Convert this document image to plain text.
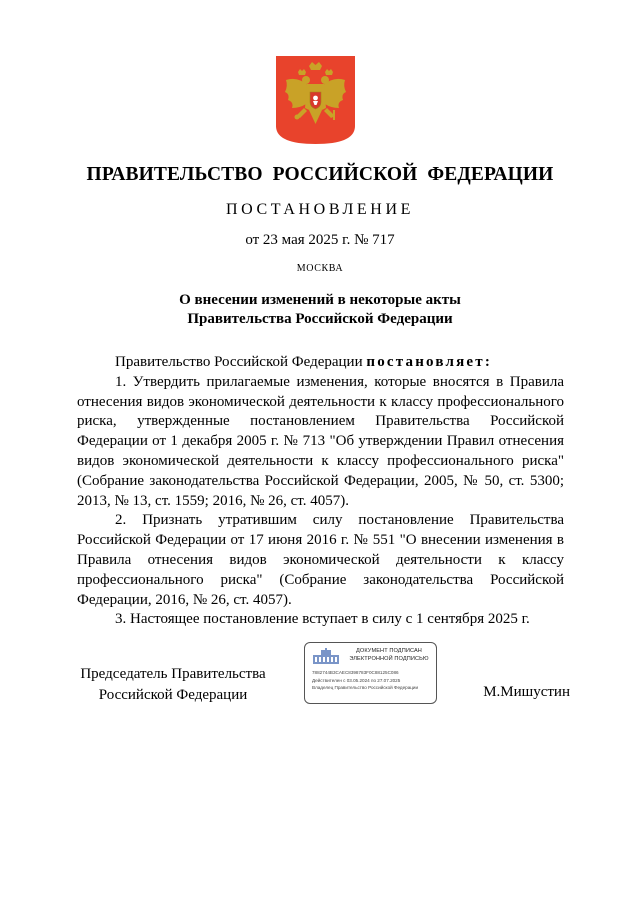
ПРАВИТЕЛЬСТВО РОССИЙСКОЙ ФЕДЕРАЦИИ
ПОСТАНОВЛЕНИЕ
от 23 мая 2025 г. № 717
МОСКВА
О внесении изменений в некоторые акты
Правительства Российской Федерации

Правительство Российской Федерации постановляет:

1. Утвердить прилагаемые изменения, которые вносятся в Правила отнесения видов экономической деятельности к классу профессионального риска, утвержденные постановлением Правительства Российской Федерации от 1 декабря 2005 г. № 713 "Об утверждении Правил отнесения видов экономической деятельности к классу профессионального риска" (Собрание законодательства Российской Федерации, 2005, № 50, ст. 5300; 2013, № 13, ст. 1559; 2016, № 26, ст. 4057).

2. Признать утратившим силу постановление Правительства Российской Федерации от 17 июня 2016 г. № 551 "О внесении изменения в Правила отнесения видов экономической деятельности к классу профессионального риска" (Собрание законодательства Российской Федерации, 2016, № 26, ст. 4057).

3. Настоящее постановление вступает в силу с 1 сентября 2025 г.

Председатель Правительства
Российской Федерации
ДОКУМЕНТ ПОДПИСАН
ЭЛЕКТРОННОЙ ПОДПИСЬЮ
7882744B3CAEC8398783F0C88125C086
Действителен с 03.05.2024 по 27.07.2025
Владелец Правительство Российской Федерации	М.Мишустин
